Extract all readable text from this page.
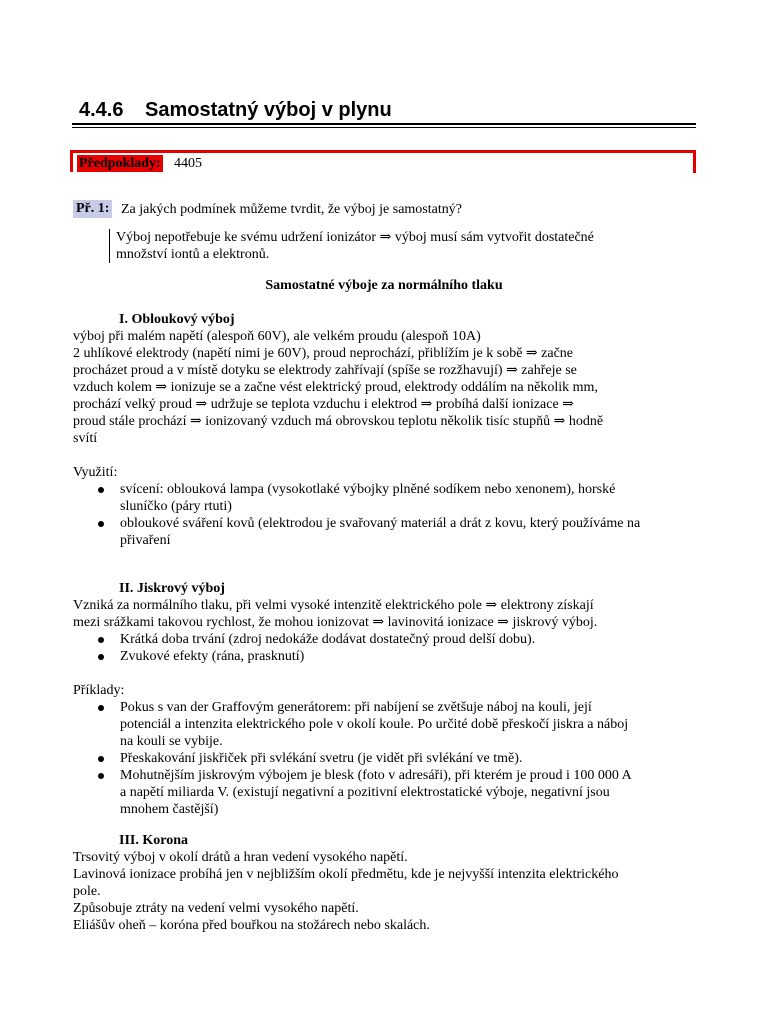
4.4.6 Samostatný výboj v plynu
Předpoklady: 4405
Př. 1: Za jakých podmínek můžeme tvrdit, že výboj je samostatný?
Výboj nepotřebuje ke svému udržení ionizátor ⇒ výboj musí sám vytvořit dostatečné
množství iontů a elektronů.
Samostatné výboje za normálního tlaku
I. Obloukový výboj
výboj při malém napětí (alespoň 60V), ale velkém proudu (alespoň 10A)
2 uhlíkové elektrody (napětí nimi je 60V), proud neprochází, přiblížím je k sobě ⇒ začne
procházet proud a v místě dotyku se elektrody zahřívají (spíše se rozžhavují) ⇒ zahřeje se
vzduch kolem ⇒ ionizuje se a začne vést elektrický proud, elektrody oddálím na několik mm,
prochází velký proud ⇒ udržuje se teplota vzduchu i elektrod ⇒ probíhá další ionizace ⇒
proud stále prochází ⇒ ionizovaný vzduch má obrovskou teplotu několik tisíc stupňů ⇒ hodně
svítí
Využití:
svícení: oblouková lampa (vysokotlaké výbojky plněné sodíkem nebo xenonem), horské
sluníčko (páry rtuti)
obloukové sváření kovů (elektrodou je svařovaný materiál a drát z kovu, který používáme na
přivaření
II. Jiskrový výboj
Vzniká za normálního tlaku, při velmi vysoké intenzitě elektrického pole ⇒ elektrony získají
mezi srážkami takovou rychlost, že mohou ionizovat ⇒ lavinovitá ionizace ⇒ jiskrový výboj.
Krátká doba trvání (zdroj nedokáže dodávat dostatečný proud delší dobu).
Zvukové efekty (rána, prasknutí)
Příklady:
Pokus s van der Graffovým generátorem: při nabíjení se zvětšuje náboj na kouli, její
potenciál a intenzita elektrického pole v okolí koule. Po určité době přeskočí jiskra a náboj
na kouli se vybije.
Přeskakování jiskřiček při svlékání svetru (je vidět při svlékání ve tmě).
Mohutnějším jiskrovým výbojem je blesk (foto v adresáři), při kterém je proud i 100 000 A
a napětí miliarda V. (existují negativní a pozitivní elektrostatické výboje, negativní jsou
mnohem častější)
III. Korona
Trsovitý výboj v okolí drátů a hran vedení vysokého napětí.
Lavinová ionizace probíhá jen v nejbližším okolí předmětu, kde je nejvyšší intenzita elektrického
pole.
Způsobuje ztráty na vedení velmi vysokého napětí.
Eliášův oheň – koróna před bouřkou na stožárech nebo skalách.
